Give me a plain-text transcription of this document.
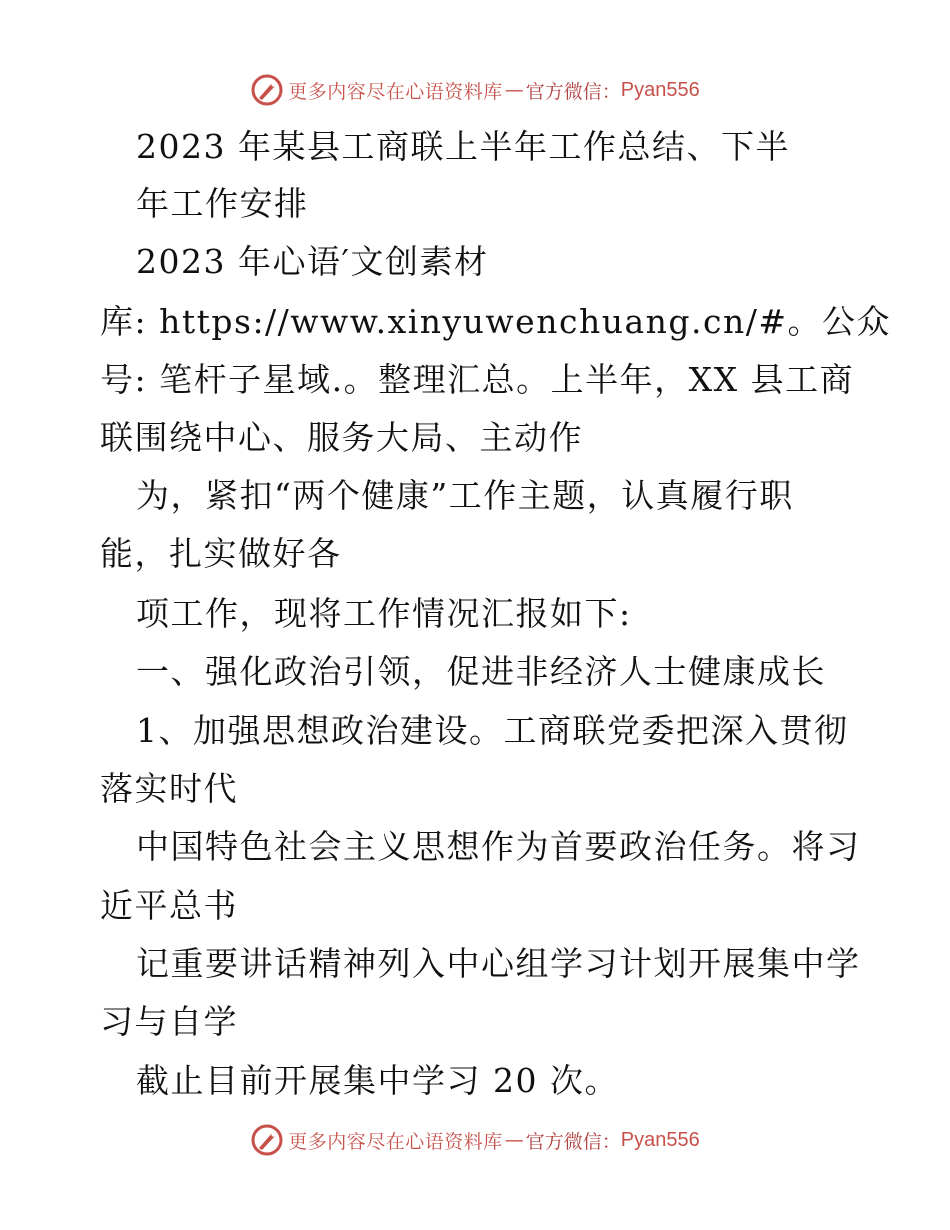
更多内容尽在心语资料库 — 官方微信： Pyan556
2023 年某县工商联上半年工作总结、下半
年工作安排
2023 年心语′文创素材
库: https://www.xinyuwenchuang.cn/#。公众
号: 笔杆子星域.。整理汇总。上半年，XX 县工商
联围绕中心、服务大局、主动作
为，紧扣“两个健康”工作主题，认真履行职
能，扎实做好各
项工作，现将工作情况汇报如下:
一、强化政治引领，促进非经济人士健康成长
1、加强思想政治建设。工商联党委把深入贯彻
落实时代
中国特色社会主义思想作为首要政治任务。将习
近平总书
记重要讲话精神列入中心组学习计划开展集中学
习与自学
截止目前开展集中学习 20 次。
更多内容尽在心语资料库 — 官方微信： Pyan556
